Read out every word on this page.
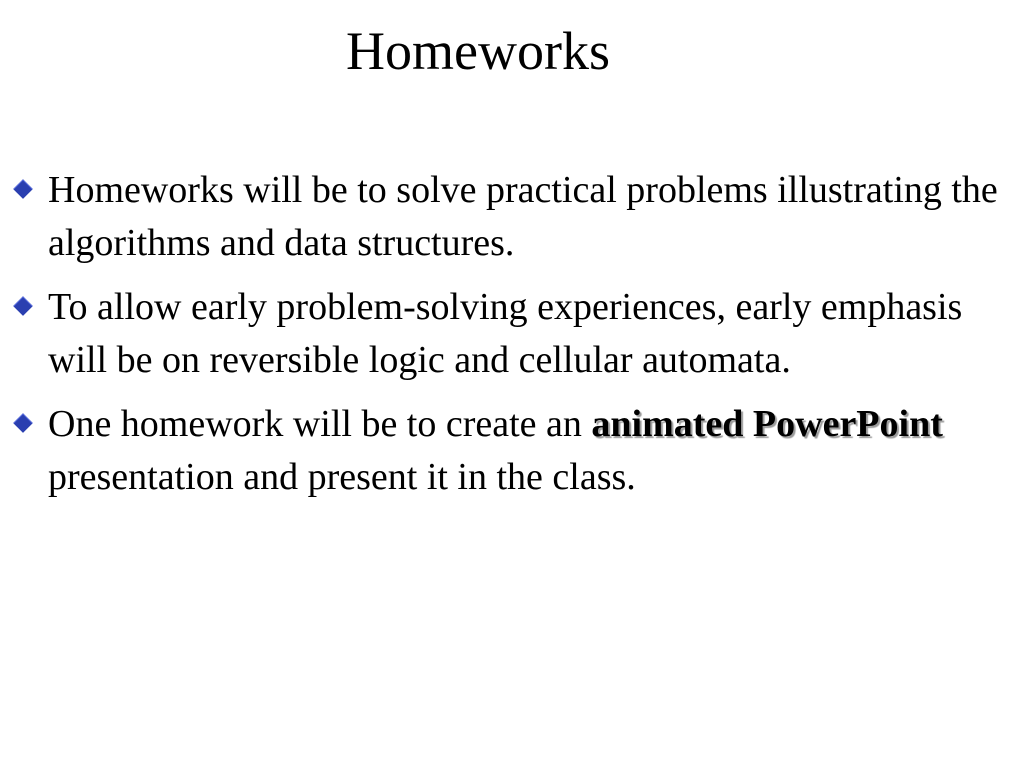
Homeworks
Homeworks will be to solve practical problems illustrating the algorithms and data structures.
To allow early problem-solving experiences, early emphasis will be on reversible logic and cellular automata.
One homework will be to create an animated PowerPoint presentation and present it in the class.
